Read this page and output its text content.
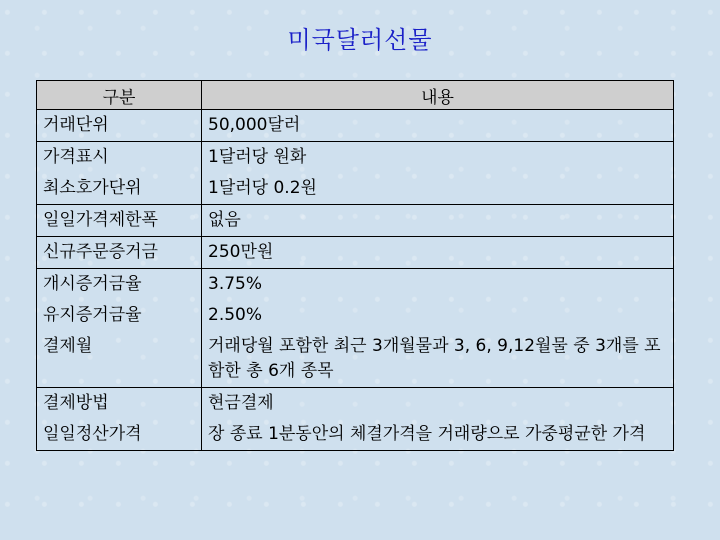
미국달러선물
구분	내용
거래단위	50,000달러
가격표시	1달러당 원화
최소호가단위	1달러당 0.2원
일일가격제한폭	없음
신규주문증거금	250만원
개시증거금율	3.75%
유지증거금율	2.50%
결제월	거래당월 포함한 최근 3개월물과 3, 6, 9,12월물 중 3개를 포함한 총 6개 종목
결제방법	현금결제
일일정산가격	장 종료 1분동안의 체결가격을 거래량으로 가중평균한 가격
